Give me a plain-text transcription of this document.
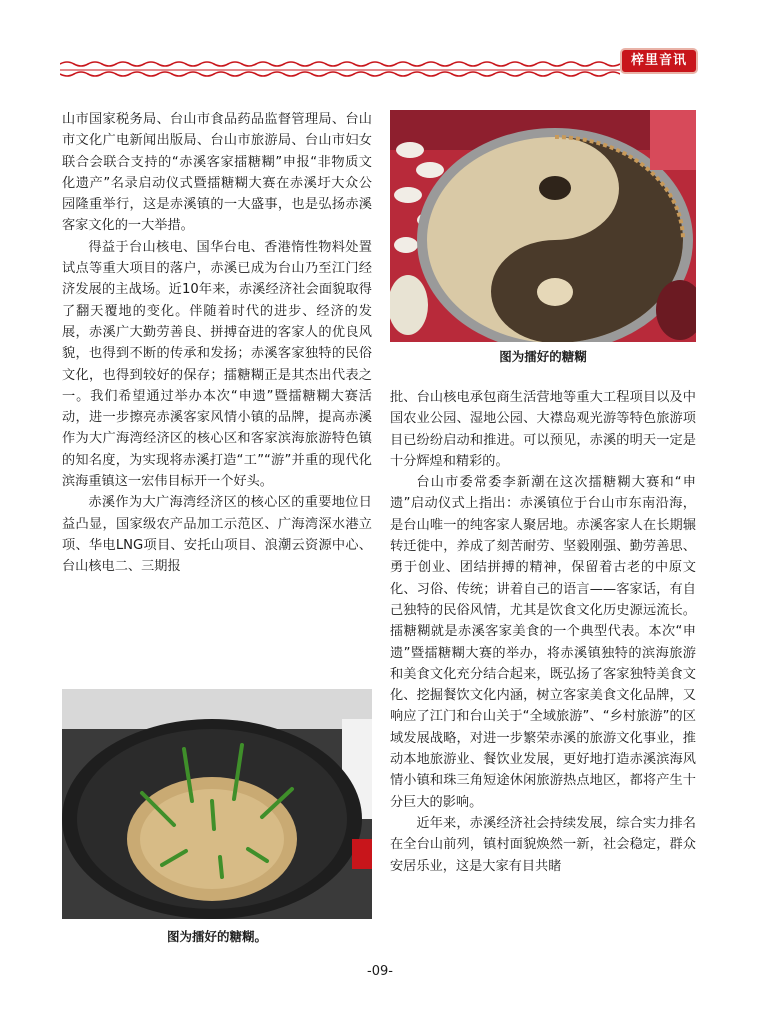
梓里音讯

山市国家税务局、台山市食品药品监督管理局、台山市文化广电新闻出版局、台山市旅游局、台山市妇女联合会联合支持的“赤溪客家擂糖糊”申报“非物质文化遗产”名录启动仪式暨擂糖糊大赛在赤溪圩大众公园隆重举行，这是赤溪镇的一大盛事，也是弘扬赤溪客家文化的一大举措。

得益于台山核电、国华台电、香港惰性物料处置试点等重大项目的落户，赤溪已成为台山乃至江门经济发展的主战场。近10年来，赤溪经济社会面貌取得了翻天覆地的变化。伴随着时代的进步、经济的发展，赤溪广大勤劳善良、拼搏奋进的客家人的优良风貌，也得到不断的传承和发扬；赤溪客家独特的民俗文化，也得到较好的保存；擂糖糊正是其杰出代表之一。我们希望通过举办本次“申遗”暨擂糖糊大赛活动，进一步擦亮赤溪客家风情小镇的品牌，提高赤溪作为大广海湾经济区的核心区和客家滨海旅游特色镇的知名度，为实现将赤溪打造“工”“游”并重的现代化滨海重镇这一宏伟目标开一个好头。

赤溪作为大广海湾经济区的核心区的重要地位日益凸显，国家级农产品加工示范区、广海湾深水港立项、华电LNG项目、安托山项目、浪潮云资源中心、台山核电二、三期报

图为擂好的糖糊

批、台山核电承包商生活营地等重大工程项目以及中国农业公园、湿地公园、大襟岛观光游等特色旅游项目已纷纷启动和推进。可以预见，赤溪的明天一定是十分辉煌和精彩的。

台山市委常委李新潮在这次擂糖糊大赛和“申遗”启动仪式上指出：赤溪镇位于台山市东南沿海，是台山唯一的纯客家人聚居地。赤溪客家人在长期辗转迁徙中，养成了刻苦耐劳、坚毅刚强、勤劳善思、勇于创业、团结拼搏的精神，保留着古老的中原文化、习俗、传统；讲着自己的语言——客家话，有自己独特的民俗风情，尤其是饮食文化历史源远流长。擂糖糊就是赤溪客家美食的一个典型代表。本次“申遗”暨擂糖糊大赛的举办，将赤溪镇独特的滨海旅游和美食文化充分结合起来，既弘扬了客家独特美食文化、挖掘餐饮文化内涵，树立客家美食文化品牌，又响应了江门和台山关于“全域旅游”、“乡村旅游”的区域发展战略，对进一步繁荣赤溪的旅游文化事业，推动本地旅游业、餐饮业发展，更好地打造赤溪滨海风情小镇和珠三角短途休闲旅游热点地区，都将产生十分巨大的影响。

近年来，赤溪经济社会持续发展，综合实力排名在全台山前列，镇村面貌焕然一新，社会稳定，群众安居乐业，这是大家有目共睹

图为擂好的糖糊。
-09-
